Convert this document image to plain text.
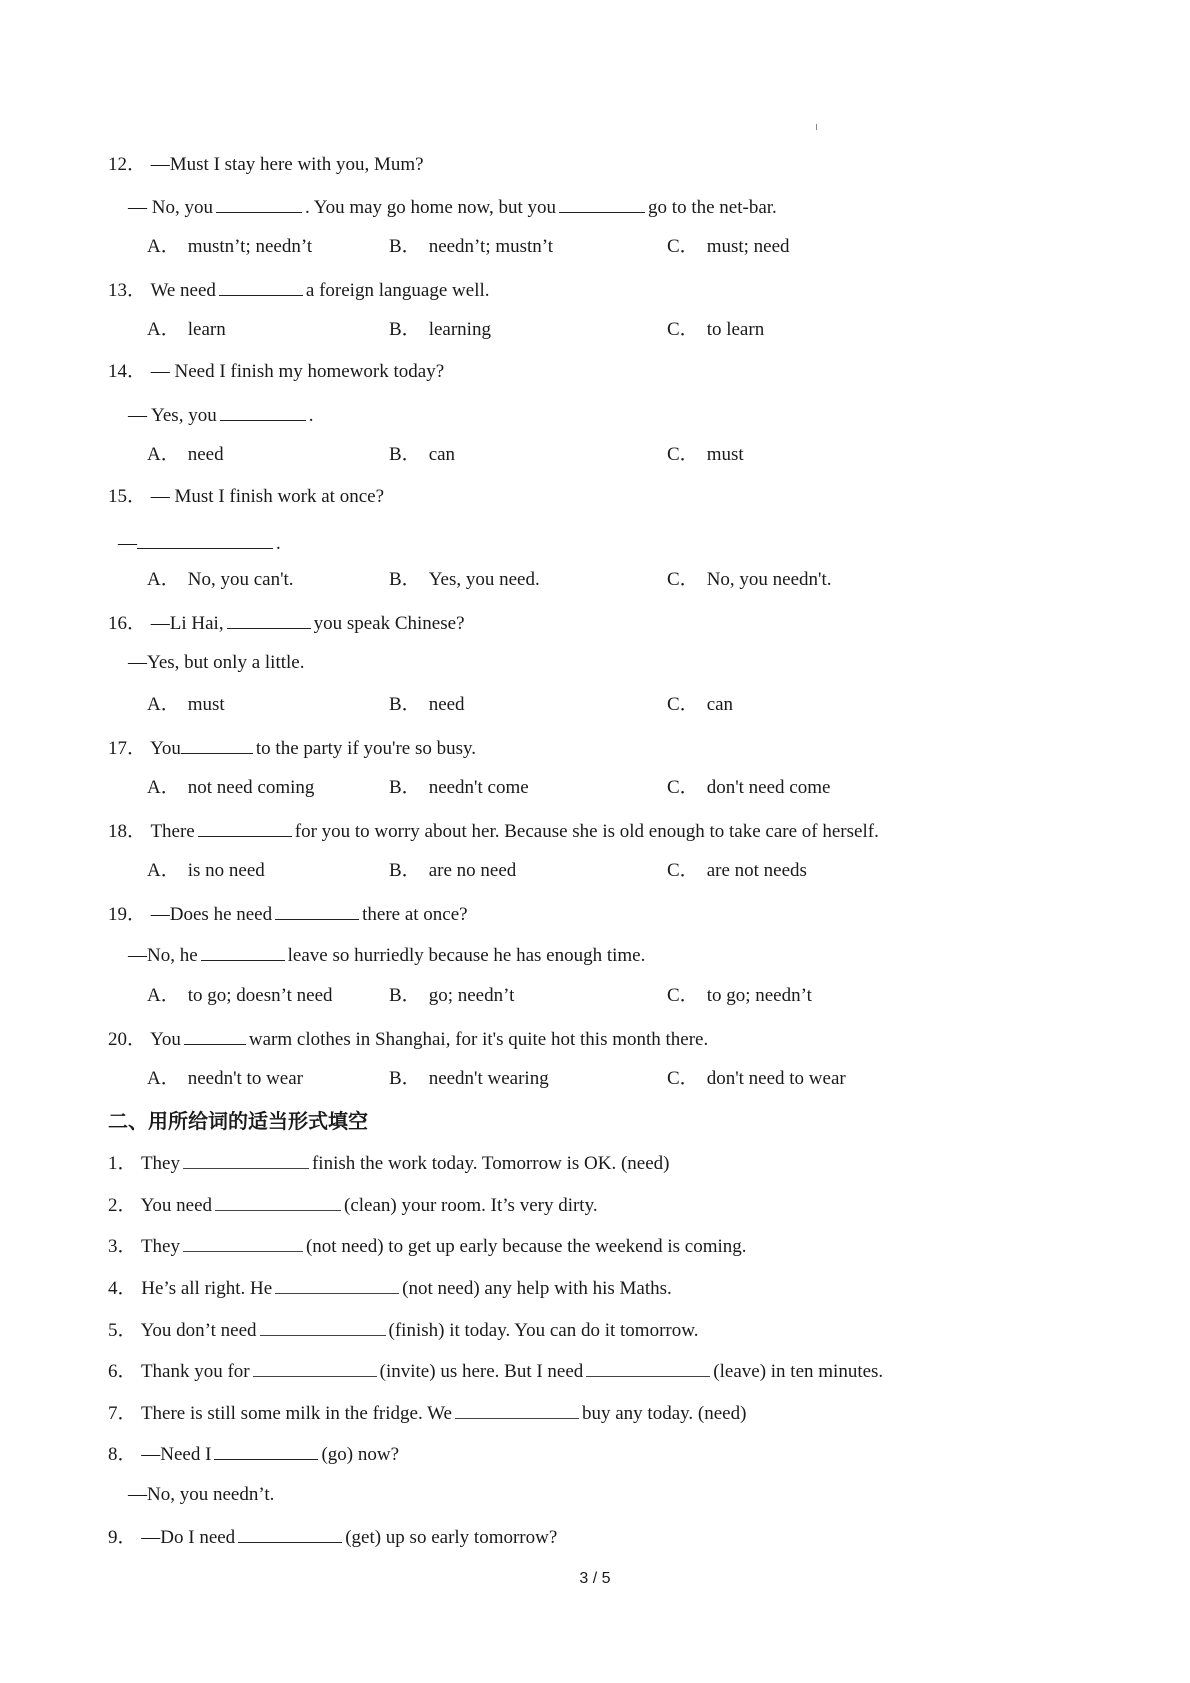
12． —Must I stay here with you, Mum?
— No, you	. You may go home now, but you	go to the net-bar.
A． mustn’t; needn’t	B． needn’t; mustn’t	C． must; need
13． We need	a foreign language well.
A． learn	B． learning	C． to learn
14． — Need I finish my homework today?
— Yes, you	.
A． need	B． can	C． must
15． — Must I finish work at once?
—	.
A． No, you can't.	B． Yes, you need.	C． No, you needn't.
16． —Li Hai,	you speak Chinese?
—Yes, but only a little.
A． must	B． need	C． can
17． You	to the party if you're so busy.
A． not need coming	B． needn't come	C． don't need come
18． There	for you to worry about her. Because she is old enough to take care of herself.
A． is no need	B． are no need	C． are not needs
19． —Does he need	there at once?
—No, he	leave so hurriedly because he has enough time.
A． to go; doesn’t need	B． go; needn’t	C． to go; needn’t
20． You	warm clothes in Shanghai, for it's quite hot this month there.
A． needn't to wear	B． needn't wearing	C． don't need to wear
二、用所给词的适当形式填空
1． They	finish the work today. Tomorrow is OK. (need)
2． You need	(clean) your room. It’s very dirty.
3． They	(not need) to get up early because the weekend is coming.
4． He’s all right. He	(not need) any help with his Maths.
5． You don’t need	(finish) it today. You can do it tomorrow.
6． Thank you for	(invite) us here. But I need	(leave) in ten minutes.
7． There is still some milk in the fridge. We	buy any today. (need)
8． —Need I	(go) now?
—No, you needn’t.
9． —Do I need	(get) up so early tomorrow?
3 / 5
